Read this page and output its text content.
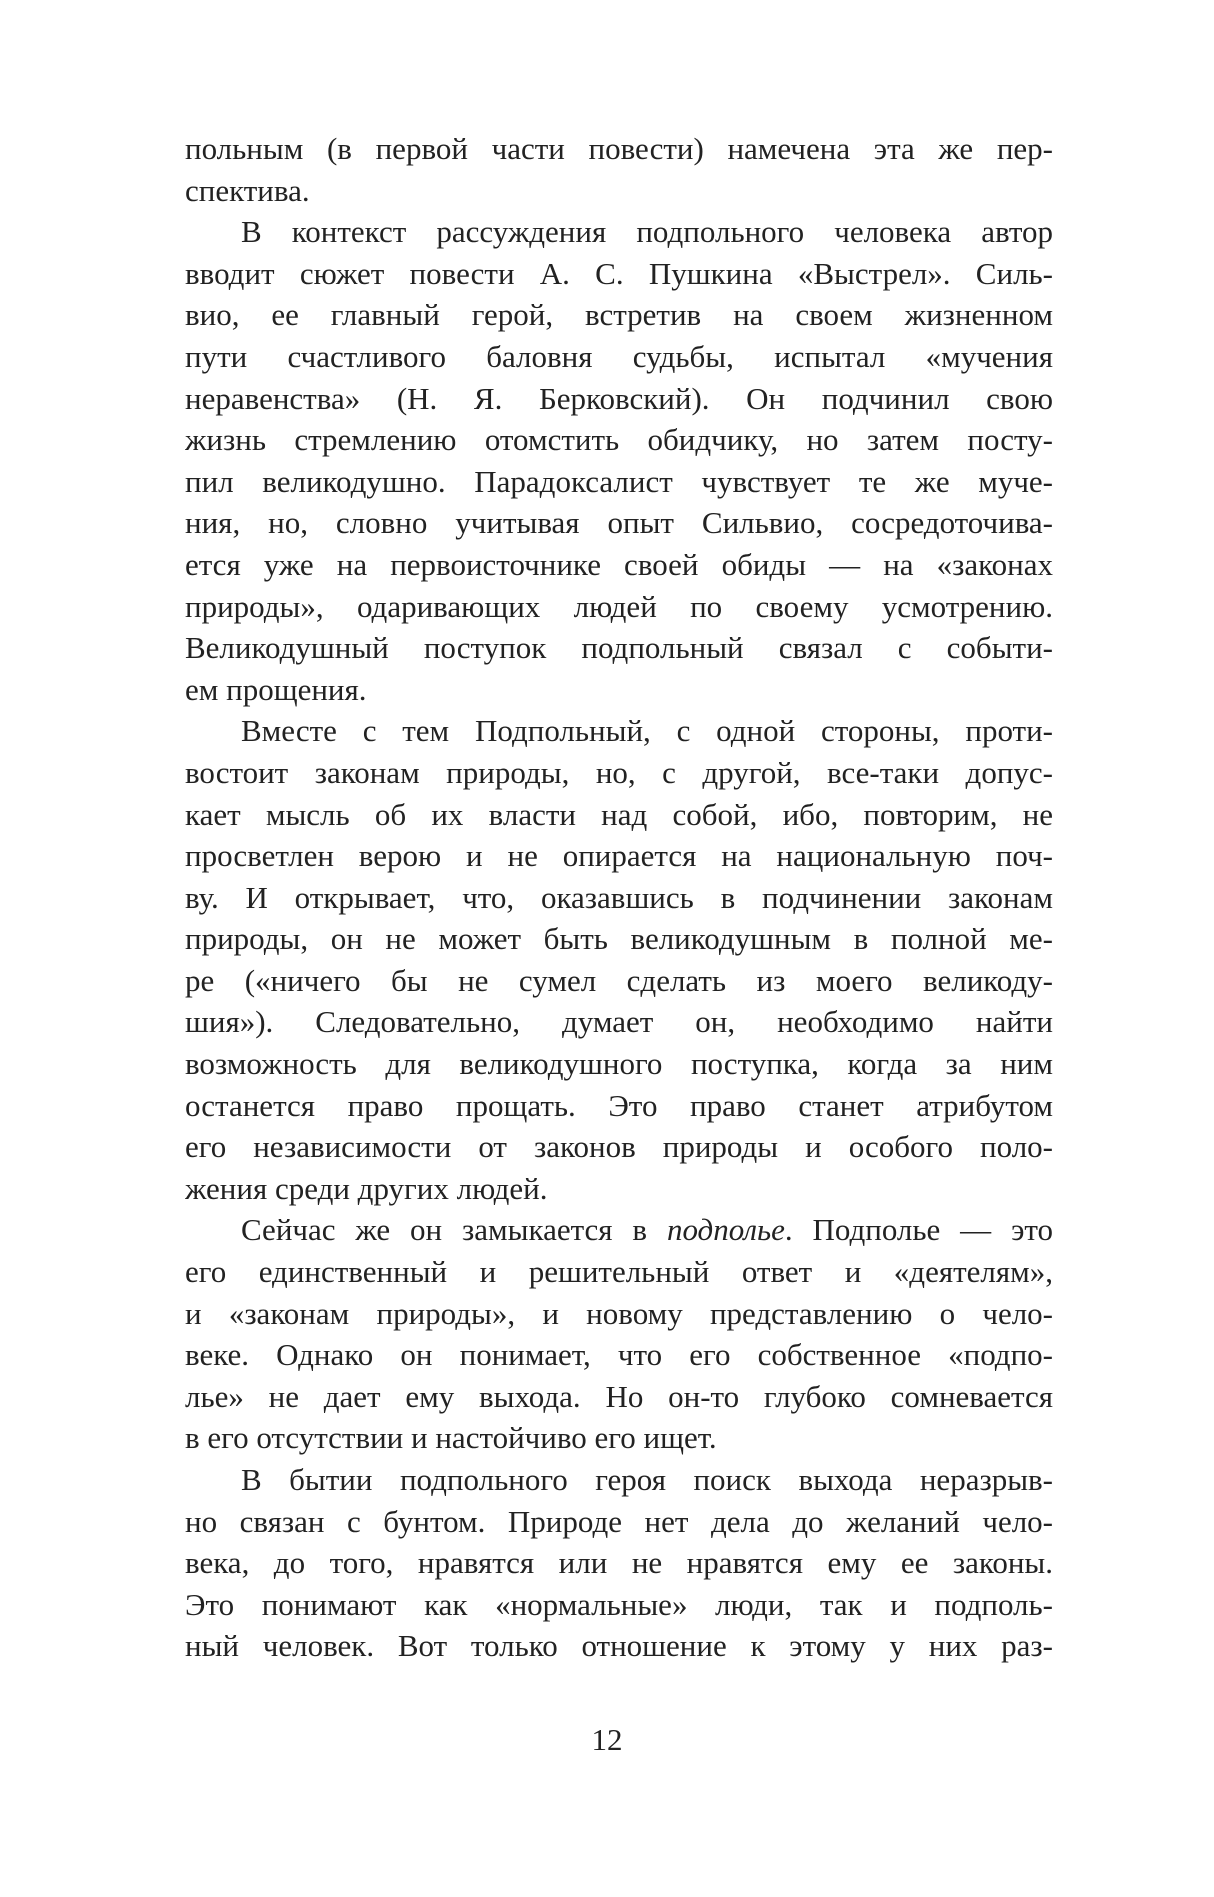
польным (в первой части повести) намечена эта же пер-
спектива.
В контекст рассуждения подпольного человека автор
вводит сюжет повести А. С. Пушкина «Выстрел». Силь-
вио, ее главный герой, встретив на своем жизненном
пути счастливого баловня судьбы, испытал «мучения
неравенства» (Н. Я. Берковский). Он подчинил свою
жизнь стремлению отомстить обидчику, но затем посту-
пил великодушно. Парадоксалист чувствует те же муче-
ния, но, словно учитывая опыт Сильвио, сосредоточива-
ется уже на первоисточнике своей обиды — на «законах
природы», одаривающих людей по своему усмотрению.
Великодушный поступок подпольный связал с событи-
ем прощения.
Вместе с тем Подпольный, с одной стороны, проти-
востоит законам природы, но, с другой, все-таки допус-
кает мысль об их власти над собой, ибо, повторим, не
просветлен верою и не опирается на национальную поч-
ву. И открывает, что, оказавшись в подчинении законам
природы, он не может быть великодушным в полной ме-
ре («ничего бы не сумел сделать из моего великоду-
шия»). Следовательно, думает он, необходимо найти
возможность для великодушного поступка, когда за ним
останется право прощать. Это право станет атрибутом
его независимости от законов природы и особого поло-
жения среди других людей.
Сейчас же он замыкается в подполье. Подполье — это
его единственный и решительный ответ и «деятелям»,
и «законам природы», и новому представлению о чело-
веке. Однако он понимает, что его собственное «подпо-
лье» не дает ему выхода. Но он-то глубоко сомневается
в его отсутствии и настойчиво его ищет.
В бытии подпольного героя поиск выхода неразрыв-
но связан с бунтом. Природе нет дела до желаний чело-
века, до того, нравятся или не нравятся ему ее законы.
Это понимают как «нормальные» люди, так и подполь-
ный человек. Вот только отношение к этому у них раз-
12
